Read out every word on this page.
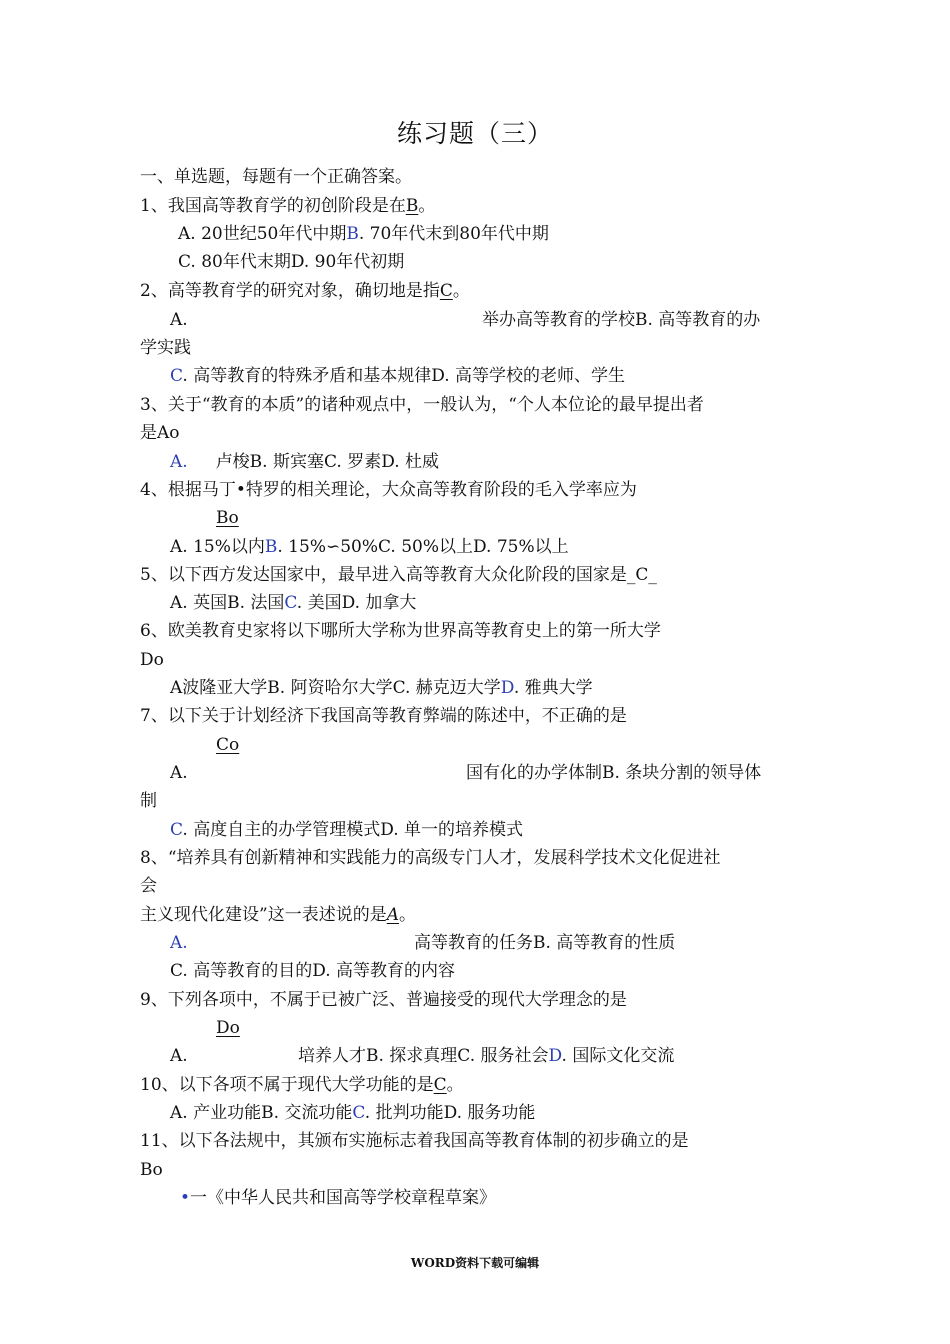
练习题（三）
一、单选题，每题有一个正确答案。
1、我国高等教育学的初创阶段是在B。
A. 20世纪50年代中期B. 70年代末到80年代中期
C. 80年代末期D. 90年代初期
2、高等教育学的研究对象，确切地是指C。
A.	举办高等教育的学校B. 高等教育的办
学实践
C. 高等教育的特殊矛盾和基本规律D. 高等学校的老师、学生
3、关于“教育的本质”的诸种观点中，一般认为，“个人本位论的最早提出者
是Ao
A. 卢梭B. 斯宾塞C. 罗素D. 杜威
4、根据马丁•特罗的相关理论，大众高等教育阶段的毛入学率应为
Bo
A. 15%以内B. 15%∽50%C. 50%以上D. 75%以上
5、以下西方发达国家中，最早进入高等教育大众化阶段的国家是_C_
A. 英国B. 法国C. 美国D. 加拿大
6、欧美教育史家将以下哪所大学称为世界高等教育史上的第一所大学
Do
A波隆亚大学B. 阿资哈尔大学C. 赫克迈大学D. 雅典大学
7、以下关于计划经济下我国高等教育弊端的陈述中，不正确的是
Co
A.	国有化的办学体制B. 条块分割的领导体
制
C. 高度自主的办学管理模式D. 单一的培养模式
8、“培养具有创新精神和实践能力的高级专门人才，发展科学技术文化促进社
会
主义现代化建设”这一表述说的是A。
A.	高等教育的任务B. 高等教育的性质
C. 高等教育的目的D. 高等教育的内容
9、下列各项中，不属于已被广泛、普遍接受的现代大学理念的是
Do
A.	培养人才B. 探求真理C. 服务社会D. 国际文化交流
10、以下各项不属于现代大学功能的是C。
A. 产业功能B. 交流功能C. 批判功能D. 服务功能
11、以下各法规中，其颁布实施标志着我国高等教育体制的初步确立的是
Bo
•一《中华人民共和国高等学校章程草案》
WORD资料下载可编辑
